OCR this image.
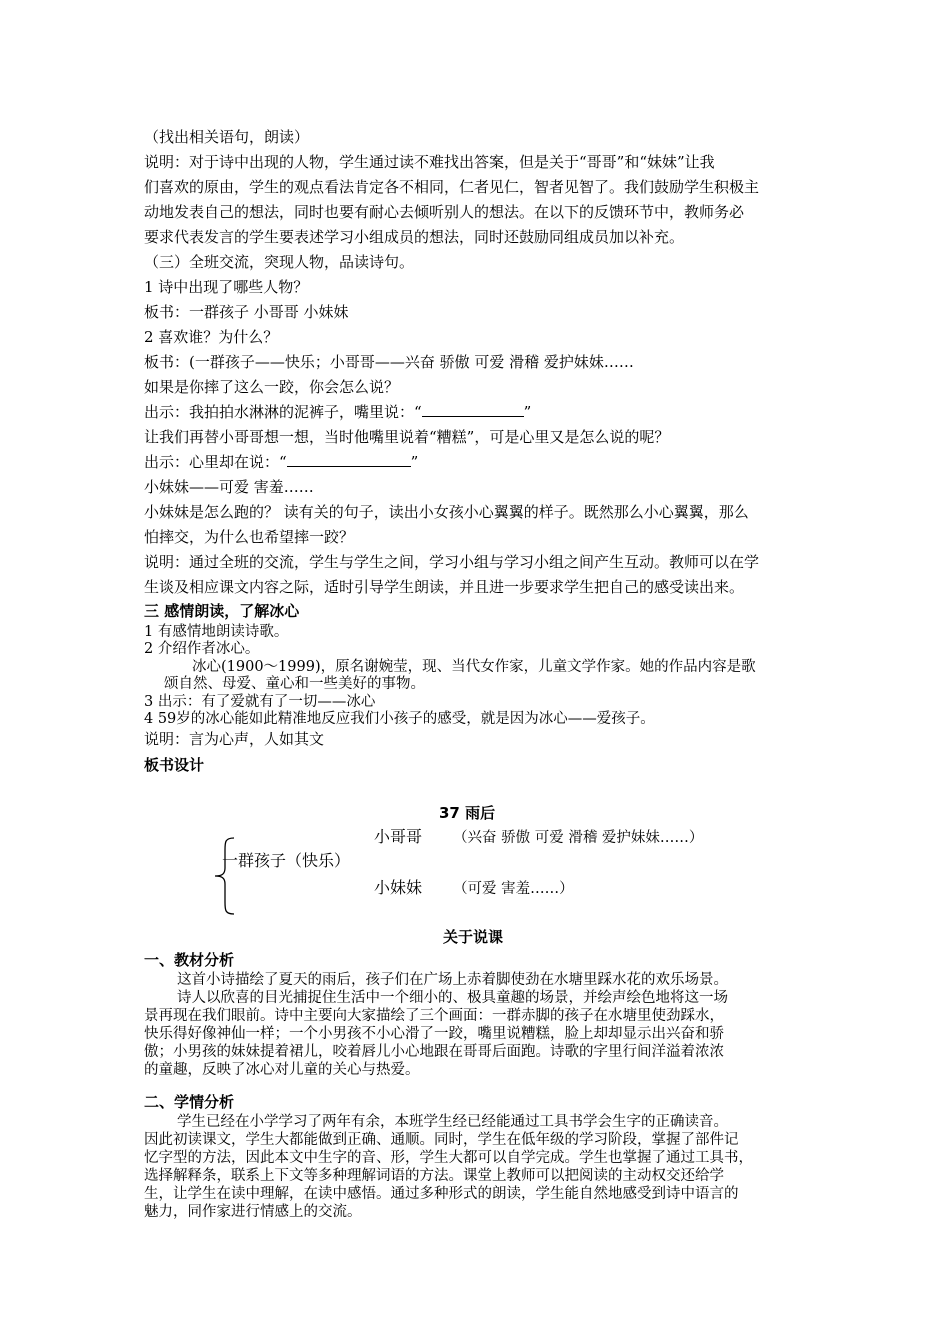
（找出相关语句，朗读）
说明：对于诗中出现的人物，学生通过读不难找出答案，但是关于“哥哥”和“妹妹”让我
们喜欢的原由，学生的观点看法肯定各不相同，仁者见仁，智者见智了。我们鼓励学生积极主
动地发表自己的想法，同时也要有耐心去倾听别人的想法。在以下的反馈环节中，教师务必
要求代表发言的学生要表述学习小组成员的想法，同时还鼓励同组成员加以补充。
（三）全班交流，突现人物，品读诗句。
1 诗中出现了哪些人物？
板书：一群孩子 小哥哥 小妹妹
2 喜欢谁？为什么？
板书：(一群孩子——快乐；小哥哥——兴奋 骄傲 可爱 滑稽 爱护妹妹……
如果是你摔了这么一跤，你会怎么说？
出示：我拍拍水淋淋的泥裤子，嘴里说：“	”
让我们再替小哥哥想一想，当时他嘴里说着“糟糕”，可是心里又是怎么说的呢？
出示：心里却在说：“	”
小妹妹——可爱 害羞……
小妹妹是怎么跑的？ 读有关的句子，读出小女孩小心翼翼的样子。既然那么小心翼翼，那么
怕摔交，为什么也希望摔一跤？
说明：通过全班的交流，学生与学生之间，学习小组与学习小组之间产生互动。教师可以在学
生谈及相应课文内容之际，适时引导学生朗读，并且进一步要求学生把自己的感受读出来。
三 感情朗读，了解冰心
1 有感情地朗读诗歌。
2 介绍作者冰心。
冰心(1900～1999)，原名谢婉莹，现、当代女作家，儿童文学作家。她的作品内容是歌
颂自然、母爱、童心和一些美好的事物。
3 出示：有了爱就有了一切——冰心
4 59岁的冰心能如此精准地反应我们小孩子的感受，就是因为冰心——爱孩子。
说明：言为心声，人如其文
板书设计
37 雨后
一群孩子（快乐）
小哥哥 （兴奋 骄傲 可爱 滑稽 爱护妹妹……）
小妹妹 （可爱 害羞……）
关于说课
一、教材分析
这首小诗描绘了夏天的雨后，孩子们在广场上赤着脚使劲在水塘里踩水花的欢乐场景。
诗人以欣喜的目光捕捉住生活中一个细小的、极具童趣的场景，并绘声绘色地将这一场
景再现在我们眼前。诗中主要向大家描绘了三个画面：一群赤脚的孩子在水塘里使劲踩水，
快乐得好像神仙一样；一个小男孩不小心滑了一跤，嘴里说糟糕，脸上却却显示出兴奋和骄
傲；小男孩的妹妹提着裙儿，咬着唇儿小心地跟在哥哥后面跑。诗歌的字里行间洋溢着浓浓
的童趣，反映了冰心对儿童的关心与热爱。
二、学情分析
学生已经在小学学习了两年有余，本班学生经已经能通过工具书学会生字的正确读音。
因此初读课文，学生大都能做到正确、通顺。同时，学生在低年级的学习阶段，掌握了部件记
忆字型的方法，因此本文中生字的音、形，学生大都可以自学完成。学生也掌握了通过工具书，
选择解释条，联系上下文等多种理解词语的方法。课堂上教师可以把阅读的主动权交还给学
生，让学生在读中理解，在读中感悟。通过多种形式的朗读，学生能自然地感受到诗中语言的
魅力，同作家进行情感上的交流。
